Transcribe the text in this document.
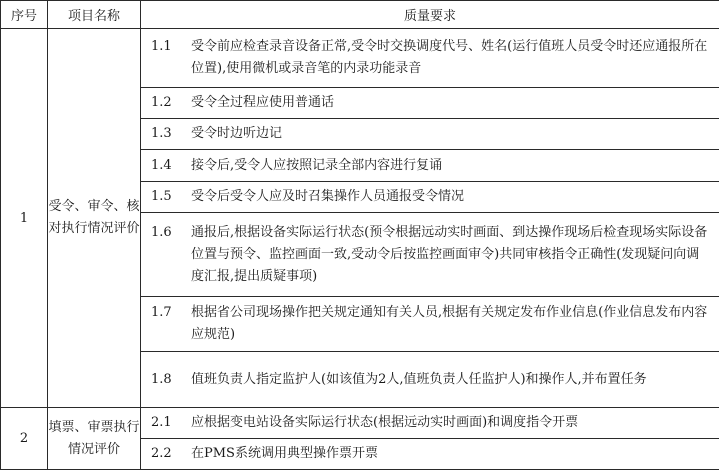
序号	项目名称	质量要求
1	受令、审令、核对执行情况评价	1.1 受令前应检查录音设备正常,受令时交换调度代号、姓名(运行值班人员受令时还应通报所在位置),使用微机或录音笔的内录功能录音

		1.2 受令全过程应使用普通话

		1.3 受令时边听边记

		1.4 接令后,受令人应按照记录全部内容进行复诵

		1.5 受令后受令人应及时召集操作人员通报受令情况

		1.6 通报后,根据设备实际运行状态(预令根据远动实时画面、到达操作现场后检查现场实际设备位置与预令、监控画面一致,受动令后按监控画面审令)共同审核指令正确性(发现疑问向调度汇报,提出质疑事项)

		1.7 根据省公司现场操作把关规定通知有关人员,根据有关规定发布作业信息(作业信息发布内容应规范)

		1.8 值班负责人指定监护人(如该值为2人,值班负责人任监护人)和操作人,并布置任务

2	填票、审票执行情况评价	2.1 应根据变电站设备实际运行状态(根据远动实时画面)和调度指令开票

		2.2 在PMS系统调用典型操作票开票
